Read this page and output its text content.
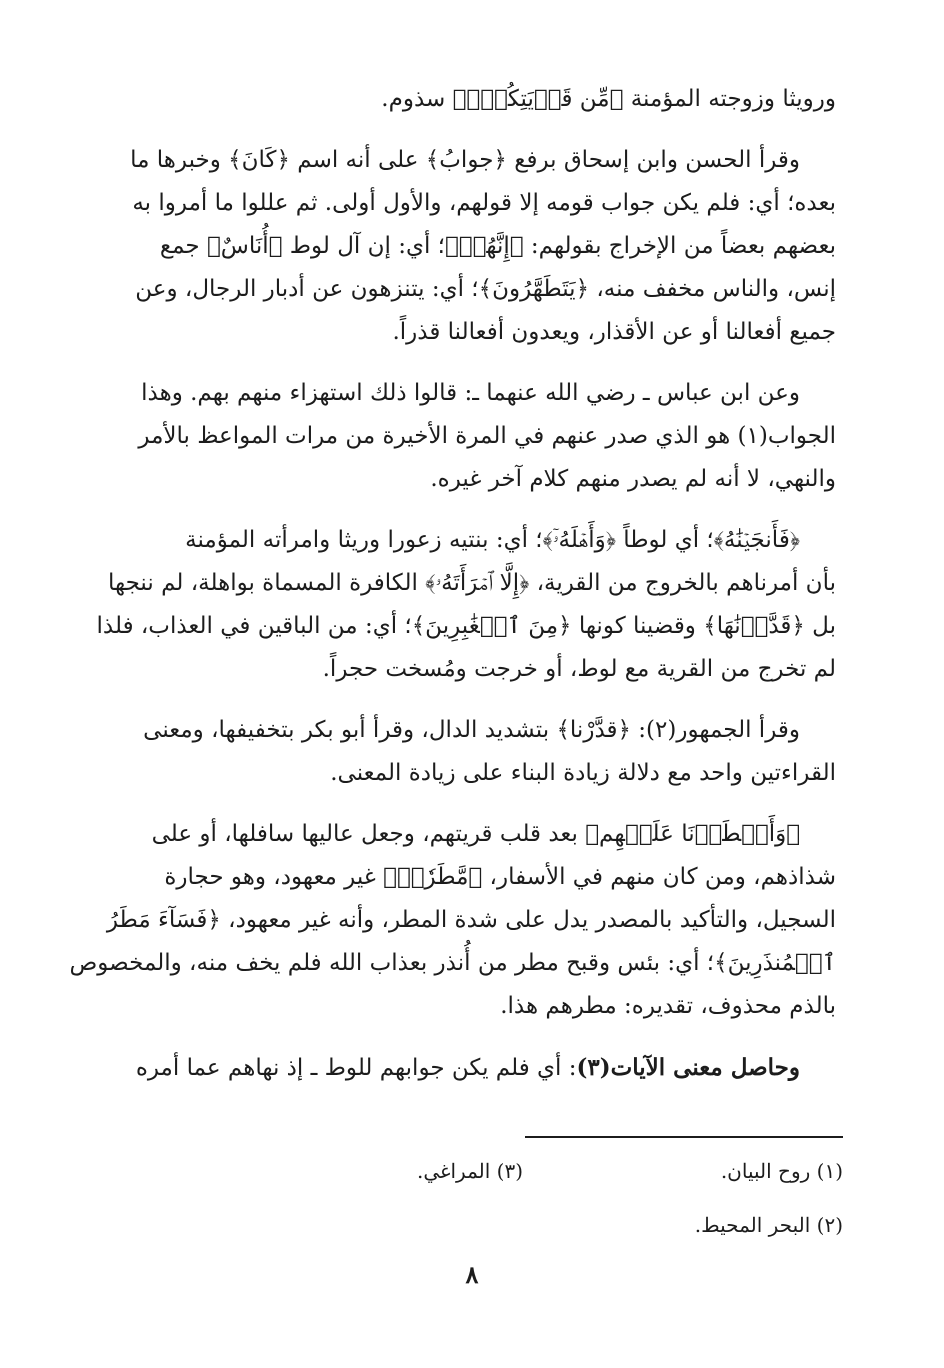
ورويثا وزوجته المؤمنة ﴿مِّن قَرۡيَتِكُمۡۖ﴾ سذوم.

وقرأ الحسن وابن إسحاق برفع ﴿جوابُ﴾ على أنه اسم ﴿كَانَ﴾ وخبرها ما
بعده؛ أي: فلم يكن جواب قومه إلا قولهم، والأول أولى. ثم عللوا ما أمروا به
بعضهم بعضاً من الإخراج بقولهم: ﴿إِنَّهُمۡ﴾؛ أي: إن آل لوط ﴿أُنَاسٌ﴾ جمع
إنس، والناس مخفف منه، ﴿يَتَطَهَّرُونَ﴾؛ أي: يتنزهون عن أدبار الرجال، وعن
جميع أفعالنا أو عن الأقذار، ويعدون أفعالنا قذراً.

وعن ابن عباس ـ رضي الله عنهما ـ: قالوا ذلك استهزاء منهم بهم. وهذا
الجواب(١) هو الذي صدر عنهم في المرة الأخيرة من مرات المواعظ بالأمر
والنهي، لا أنه لم يصدر منهم كلام آخر غيره.

﴿فَأَنجَيۡنَٰهُ﴾؛ أي لوطاً ﴿وَأَهۡلَهُۥٓ﴾؛ أي: بنتيه زعورا وريثا وامرأته المؤمنة
بأن أمرناهم بالخروج من القرية، ﴿إِلَّا ٱمۡرَأَتَهُۥ﴾ الكافرة المسماة بواهلة، لم ننجها
بل ﴿قَدَّرۡنَٰهَا﴾ وقضينا كونها ﴿مِنَ ٱلۡغَٰبِرِينَ﴾؛ أي: من الباقين في العذاب، فلذا
لم تخرج من القرية مع لوط، أو خرجت ومُسخت حجراً.

وقرأ الجمهور(٢): ﴿قدَّرْنا﴾ بتشديد الدال، وقرأ أبو بكر بتخفيفها، ومعنى
القراءتين واحد مع دلالة زيادة البناء على زيادة المعنى.

﴿وَأَمۡطَرۡنَا عَلَيۡهِم﴾ بعد قلب قريتهم، وجعل عاليها سافلها، أو على
شذاذهم، ومن كان منهم في الأسفار، ﴿مَّطَرٗاۖ﴾ غير معهود، وهو حجارة
السجيل، والتأكيد بالمصدر يدل على شدة المطر، وأنه غير معهود، ﴿فَسَآءَ مَطَرُ
ٱلۡمُنذَرِينَ﴾؛ أي: بئس وقبح مطر من أُنذر بعذاب الله فلم يخف منه، والمخصوص
بالذم محذوف، تقديره: مطرهم هذا.

وحاصل معنى الآيات(٣): أي فلم يكن جوابهم للوط ـ إذ نهاهم عما أمره

(١) روح البيان.
(٣) المراغي.
(٢) البحر المحيط.
٨
